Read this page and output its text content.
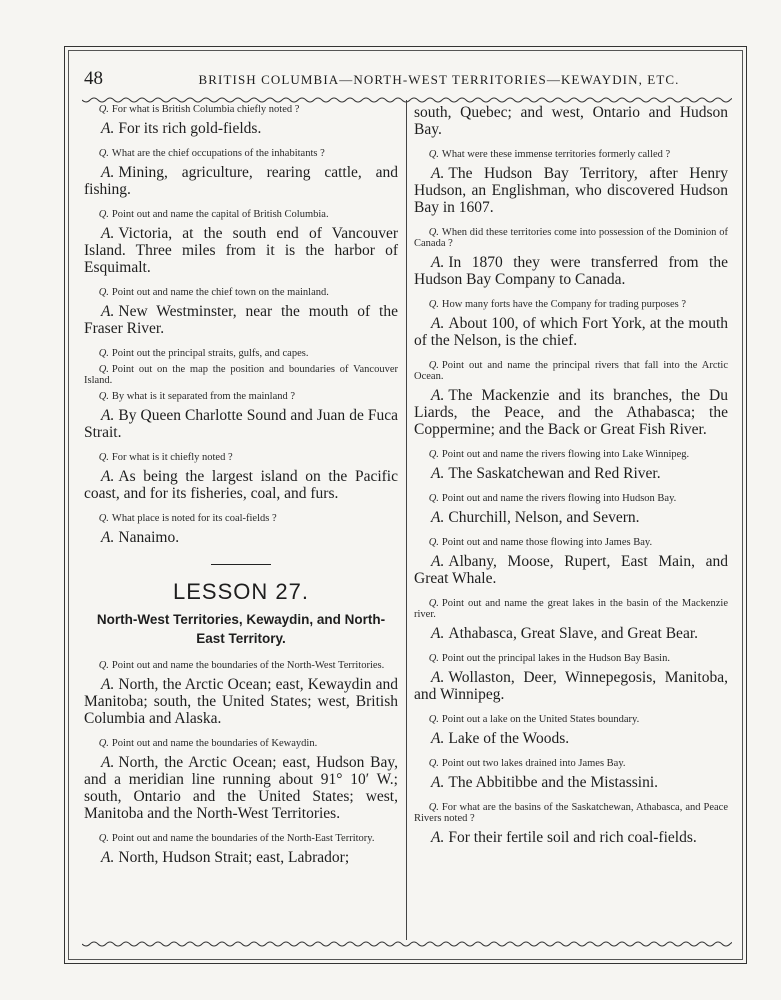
48	BRITISH COLUMBIA—NORTH-WEST TERRITORIES—KEWAYDIN, ETC.

Q. For what is British Columbia chiefly noted ?

A. For its rich gold-fields.

Q. What are the chief occupations of the inhabitants ?

A. Mining, agriculture, rearing cattle, and fishing.

Q. Point out and name the capital of British Columbia.

A. Victoria, at the south end of Vancouver Island. Three miles from it is the harbor of Esquimalt.

Q. Point out and name the chief town on the mainland.

A. New Westminster, near the mouth of the Fraser River.

Q. Point out the principal straits, gulfs, and capes.

Q. Point out on the map the position and boundaries of Vancouver Island.

Q. By what is it separated from the mainland ?

A. By Queen Charlotte Sound and Juan de Fuca Strait.

Q. For what is it chiefly noted ?

A. As being the largest island on the Pacific coast, and for its fisheries, coal, and furs.

Q. What place is noted for its coal-fields ?

A. Nanaimo.

LESSON 27.
North-West Territories, Kewaydin, and North-East Territory.

Q. Point out and name the boundaries of the North-West Territories.

A. North, the Arctic Ocean; east, Kewaydin and Manitoba; south, the United States; west, British Columbia and Alaska.

Q. Point out and name the boundaries of Kewaydin.

A. North, the Arctic Ocean; east, Hudson Bay, and a meridian line running about 91° 10′ W.; south, Ontario and the United States; west, Manitoba and the North-West Territories.

Q. Point out and name the boundaries of the North-East Territory.

A. North, Hudson Strait; east, Labrador;

south, Quebec; and west, Ontario and Hudson Bay.

Q. What were these immense territories formerly called ?

A. The Hudson Bay Territory, after Henry Hudson, an Englishman, who discovered Hudson Bay in 1607.

Q. When did these territories come into possession of the Dominion of Canada ?

A. In 1870 they were transferred from the Hudson Bay Company to Canada.

Q. How many forts have the Company for trading purposes ?

A. About 100, of which Fort York, at the mouth of the Nelson, is the chief.

Q. Point out and name the principal rivers that fall into the Arctic Ocean.

A. The Mackenzie and its branches, the Du Liards, the Peace, and the Athabasca; the Coppermine; and the Back or Great Fish River.

Q. Point out and name the rivers flowing into Lake Winnipeg.

A. The Saskatchewan and Red River.

Q. Point out and name the rivers flowing into Hudson Bay.

A. Churchill, Nelson, and Severn.

Q. Point out and name those flowing into James Bay.

A. Albany, Moose, Rupert, East Main, and Great Whale.

Q. Point out and name the great lakes in the basin of the Mackenzie river.

A. Athabasca, Great Slave, and Great Bear.

Q. Point out the principal lakes in the Hudson Bay Basin.

A. Wollaston, Deer, Winnepegosis, Manitoba, and Winnipeg.

Q. Point out a lake on the United States boundary.

A. Lake of the Woods.

Q. Point out two lakes drained into James Bay.

A. The Abbitibbe and the Mistassini.

Q. For what are the basins of the Saskatchewan, Athabasca, and Peace Rivers noted ?

A. For their fertile soil and rich coal-fields.
